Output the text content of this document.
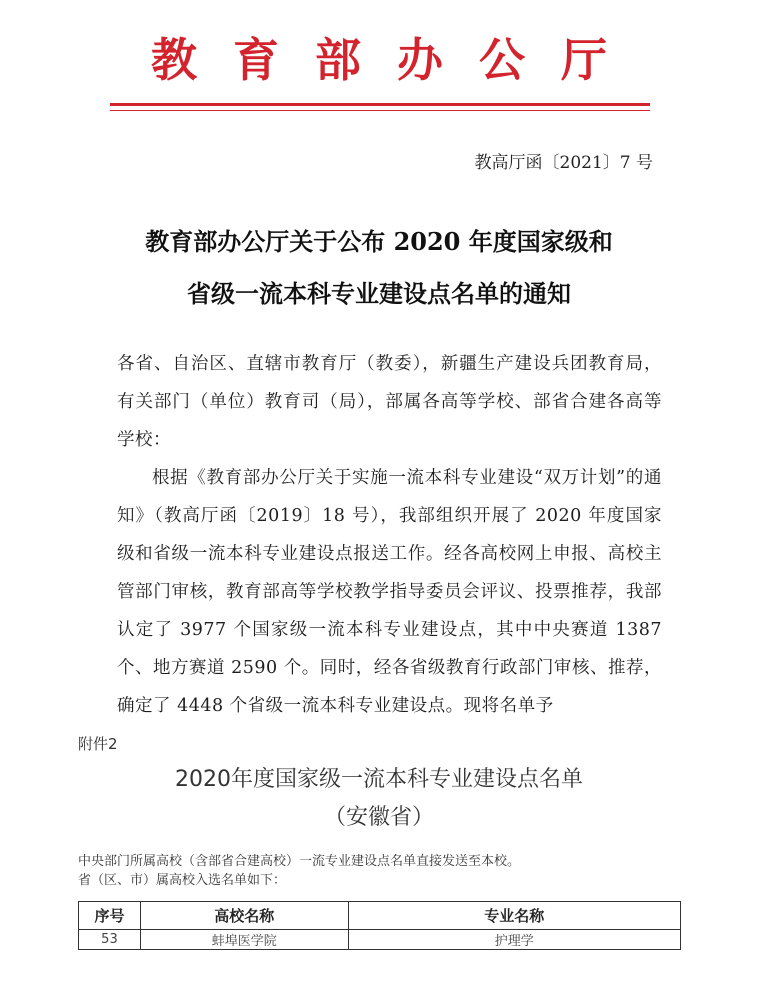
教育部办公厅
教高厅函〔2021〕7 号
教育部办公厅关于公布 2020 年度国家级和
省级一流本科专业建设点名单的通知

各省、自治区、直辖市教育厅（教委），新疆生产建设兵团教育局，有关部门（单位）教育司（局），部属各高等学校、部省合建各高等学校：

根据《教育部办公厅关于实施一流本科专业建设“双万计划”的通知》（教高厅函〔2019〕18 号），我部组织开展了 2020 年度国家级和省级一流本科专业建设点报送工作。经各高校网上申报、高校主管部门审核，教育部高等学校教学指导委员会评议、投票推荐，我部认定了 3977 个国家级一流本科专业建设点，其中中央赛道 1387 个、地方赛道 2590 个。同时，经各省级教育行政部门审核、推荐，确定了 4448 个省级一流本科专业建设点。现将名单予

附件2
2020年度国家级一流本科专业建设点名单
（安徽省）
中央部门所属高校（含部省合建高校）一流专业建设点名单直接发送至本校。
省（区、市）属高校入选名单如下：
序号	高校名称	专业名称
53	蚌埠医学院	护理学
